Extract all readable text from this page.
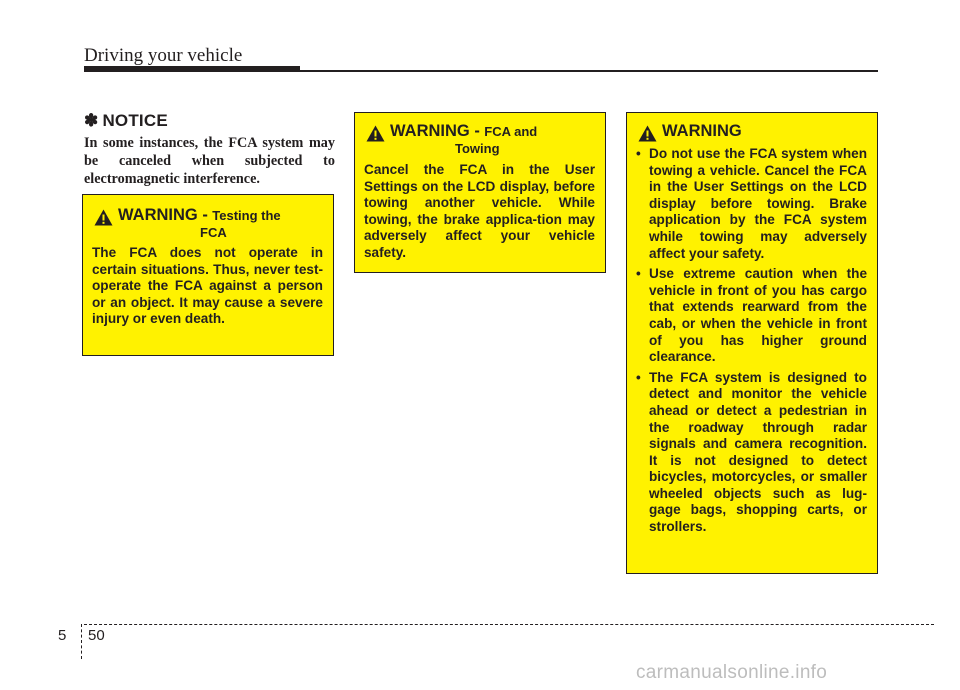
Driving your vehicle
✽ NOTICE
In some instances, the FCA system may be canceled when subjected to electromagnetic interference.
WARNING - Testing the
FCA
The FCA does not operate in certain situations. Thus, never test-operate the FCA against a person or an object. It may cause a severe injury or even death.
WARNING - FCA and
Towing
Cancel the FCA in the User Settings on the LCD display, before towing another vehicle. While towing, the brake applica-tion may adversely affect your vehicle safety.
WARNING
• Do not use the FCA system when towing a vehicle. Cancel the FCA in the User Settings on the LCD display before towing. Brake application by the FCA system while towing may adversely affect your safety.
• Use extreme caution when the vehicle in front of you has cargo that extends rearward from the cab, or when the vehicle in front of you has higher ground clearance.
• The FCA system is designed to detect and monitor the vehicle ahead or detect a pedestrian in the roadway through radar signals and camera recognition. It is not designed to detect bicycles, motorcycles, or smaller wheeled objects such as lug-gage bags, shopping carts, or strollers.
5 50
carmanualsonline.info
